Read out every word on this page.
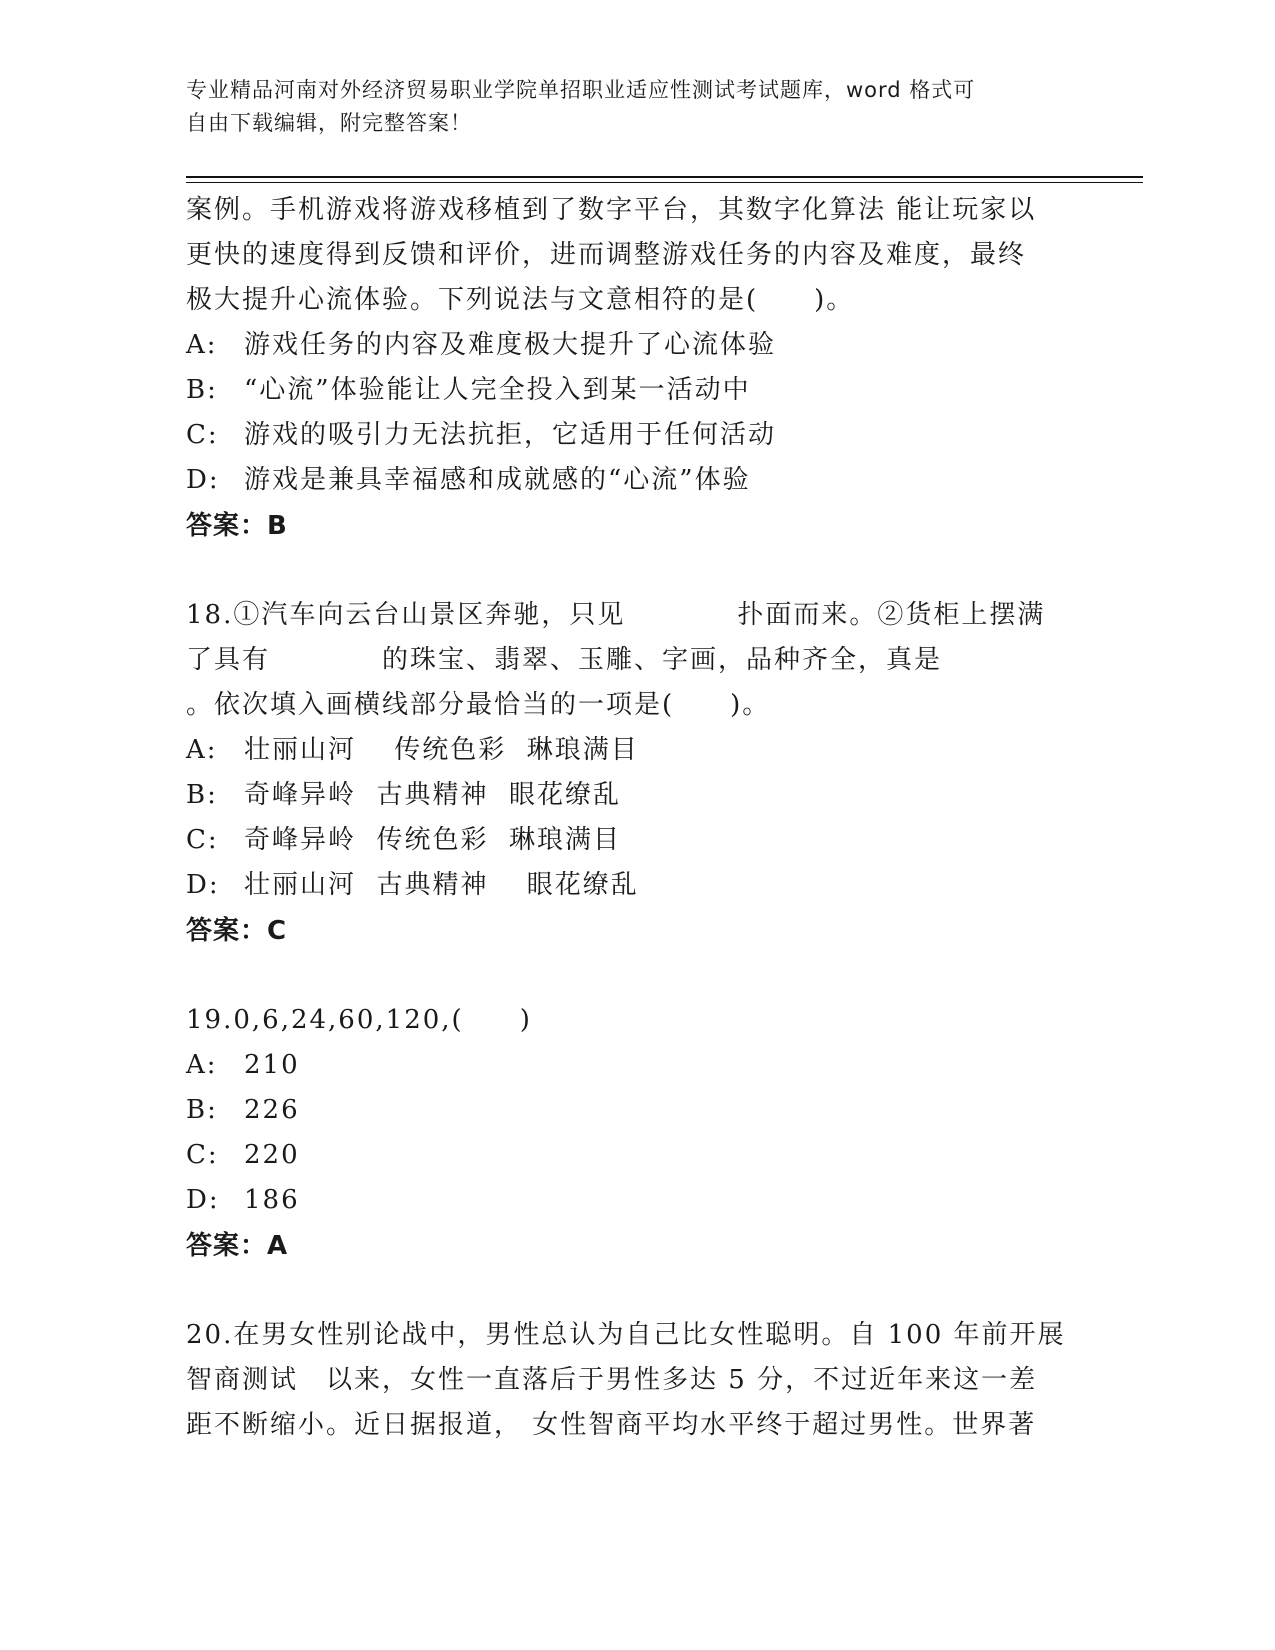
专业精品河南对外经济贸易职业学院单招职业适应性测试考试题库，word 格式可
自由下载编辑，附完整答案！
案例。手机游戏将游戏移植到了数字平台，其数字化算法 能让玩家以
更快的速度得到反馈和评价，进而调整游戏任务的内容及难度，最终
极大提升心流体验。下列说法与文意相符的是(　　)。
A: 游戏任务的内容及难度极大提升了心流体验
B: “心流”体验能让人完全投入到某一活动中
C: 游戏的吸引力无法抗拒，它适用于任何活动
D: 游戏是兼具幸福感和成就感的“心流”体验
答案：B
18.①汽车向云台山景区奔驰，只见　　　　扑面而来。②货柜上摆满
了具有　　　　的珠宝、翡翠、玉雕、字画，品种齐全，真是
。依次填入画横线部分最恰当的一项是(　　)。
A: 壮丽山河　 传统色彩  琳琅满目
B: 奇峰异岭  古典精神  眼花缭乱
C: 奇峰异岭  传统色彩  琳琅满目
D: 壮丽山河  古典精神　 眼花缭乱
答案：C
19.0,6,24,60,120,(　　)
A: 210
B: 226
C: 220
D: 186
答案：A
20.在男女性别论战中，男性总认为自己比女性聪明。自 100 年前开展
智商测试　以来，女性一直落后于男性多达 5 分，不过近年来这一差
距不断缩小。近日据报道， 女性智商平均水平终于超过男性。世界著
